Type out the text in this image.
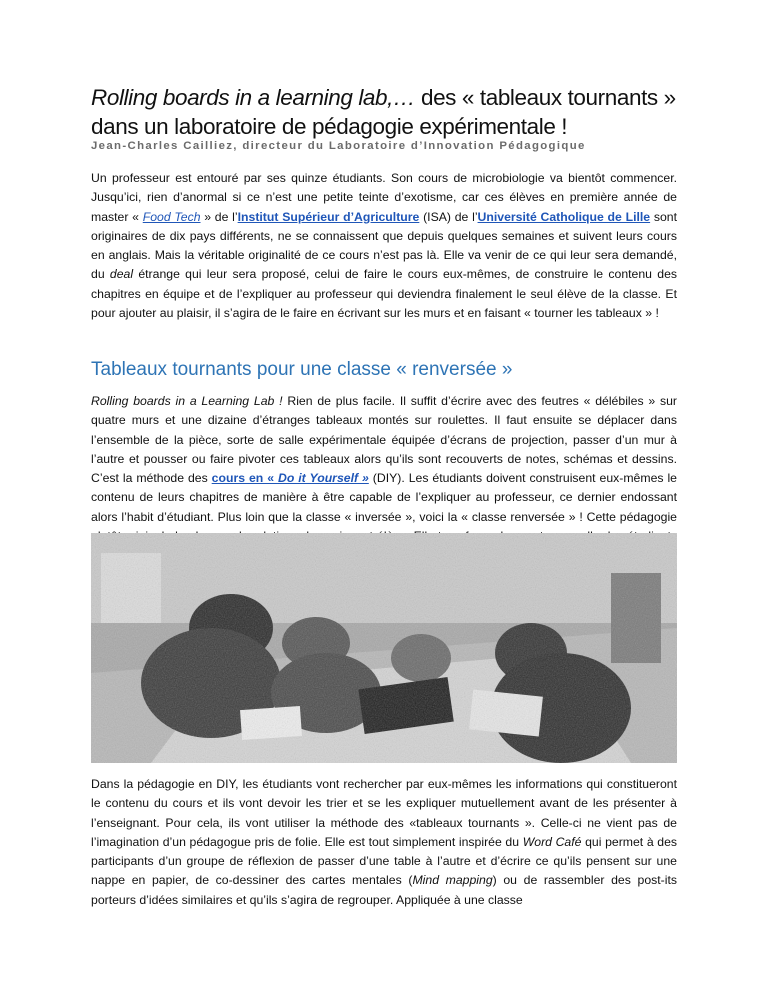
Rolling boards in a learning lab,… des « tableaux tournants » dans un laboratoire de pédagogie expérimentale !

Jean-Charles Cailliez, directeur du Laboratoire d’Innovation Pédagogique

Un professeur est entouré par ses quinze étudiants. Son cours de microbiologie va bientôt commencer. Jusqu’ici, rien d’anormal si ce n’est une petite teinte d’exotisme, car ces élèves en première année de master « Food Tech » de l’Institut Supérieur d’Agriculture (ISA) de l’Université Catholique de Lille sont originaires de dix pays différents, ne se connaissent que depuis quelques semaines et suivent leurs cours en anglais. Mais la véritable originalité de ce cours n’est pas là. Elle va venir de ce qui leur sera demandé, du deal étrange qui leur sera proposé, celui de faire le cours eux-mêmes, de construire le contenu des chapitres en équipe et de l’expliquer au professeur qui deviendra finalement le seul élève de la classe. Et pour ajouter au plaisir, il s’agira de le faire en écrivant sur les murs et en faisant « tourner les tableaux » !

Tableaux tournants pour une classe « renversée »

Rolling boards in a Learning Lab ! Rien de plus facile. Il suffit d’écrire avec des feutres « délébiles » sur quatre murs et une dizaine d’étranges tableaux montés sur roulettes. Il faut ensuite se déplacer dans l’ensemble de la pièce, sorte de salle expérimentale équipée d’écrans de projection, passer d’un mur à l’autre et pousser ou faire pivoter ces tableaux alors qu’ils sont recouverts de notes, schémas et dessins. C’est la méthode des cours en « Do it Yourself » (DIY). Les étudiants doivent construisent eux-mêmes le contenu de leurs chapitres de manière à être capable de l’expliquer au professeur, ce dernier endossant alors l’habit d’étudiant. Plus loin que la classe « inversée », voici la « classe renversée » ! Cette pédagogie

Dans la pédagogie en DIY, les étudiants vont rechercher par eux-mêmes les informations qui constitueront le contenu du cours et ils vont devoir les trier et se les expliquer mutuellement avant de les présenter à l’enseignant. Pour cela, ils vont utiliser la méthode des «tableaux tournants ». Celle-ci ne vient pas de l’imagination d’un pédagogue pris de folie. Elle est tout simplement inspirée du Word Café qui permet à des participants d’un groupe de réflexion de passer d’une table à l’autre et d’écrire ce qu’ils pensent sur une nappe en papier, de co-dessiner des cartes mentales (Mind mapping) ou de rassembler des post-its porteurs d’idées similaires et qu’ils s’agira de regrouper. Appliquée à une classe
